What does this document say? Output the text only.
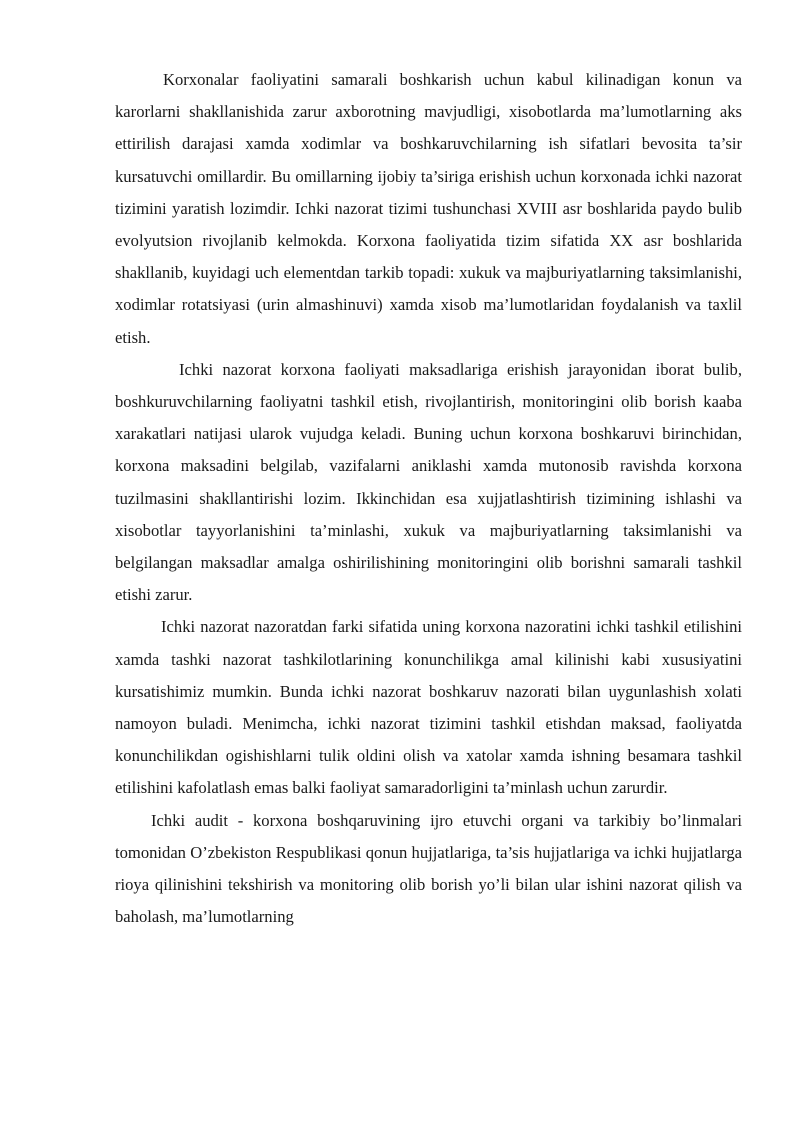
Korxonalar faoliyatini samarali boshkarish uchun kabul kilinadigan konun va karorlarni shakllanishida zarur axborotning mavjudligi, xisobotlarda ma’lumotlarning aks ettirilish darajasi xamda xodimlar va boshkaruvchilarning ish sifatlari bevosita ta’sir kursatuvchi omillardir. Bu omillarning ijobiy ta’siriga erishish uchun korxonada ichki nazorat tizimini yaratish lozimdir. Ichki nazorat tizimi tushunchasi XVIII asr boshlarida paydo bulib evolyutsion rivojlanib kelmokda. Korxona faoliyatida tizim sifatida XX asr boshlarida shakllanib, kuyidagi uch elementdan tarkib topadi: xukuk va majburiyatlarning taksimlanishi, xodimlar rotatsiyasi (urin almashinuvi) xamda xisob ma’lumotlaridan foydalanish va taxlil etish.

Ichki nazorat korxona faoliyati maksadlariga erishish jarayonidan iborat bulib, boshkuruvchilarning faoliyatni tashkil etish, rivojlantirish, monitoringini olib borish kaaba xarakatlari natijasi ularok vujudga keladi. Buning uchun korxona boshkaruvi birinchidan, korxona maksadini belgilab, vazifalarni aniklashi xamda mutonosib ravishda korxona tuzilmasini shakllantirishi lozim. Ikkinchidan esa xujjatlashtirish tizimining ishlashi va xisobotlar tayyorlanishini ta’minlashi, xukuk va majburiyatlarning taksimlanishi va belgilangan maksadlar amalga oshirilishining monitoringini olib borishni samarali tashkil etishi zarur.

Ichki nazorat nazoratdan farki sifatida uning korxona nazoratini ichki tashkil etilishini xamda tashki nazorat tashkilotlarining konunchilikga amal kilinishi kabi xususiyatini kursatishimiz mumkin. Bunda ichki nazorat boshkaruv nazorati bilan uygunlashish xolati namoyon buladi. Menimcha, ichki nazorat tizimini tashkil etishdan maksad, faoliyatda konunchilikdan ogishishlarni tulik oldini olish va xatolar xamda ishning besamara tashkil etilishini kafolatlash emas balki faoliyat samaradorligini ta’minlash uchun zarurdir.

Ichki audit - korxona boshqaruvining ijro etuvchi organi va tarkibiy bo’linmalari tomonidan O’zbekiston Respublikasi qonun hujjatlariga, ta’sis hujjatlariga va ichki hujjatlarga rioya qilinishini tekshirish va monitoring olib borish yo’li bilan ular ishini nazorat qilish va baholash, ma’lumotlarning
